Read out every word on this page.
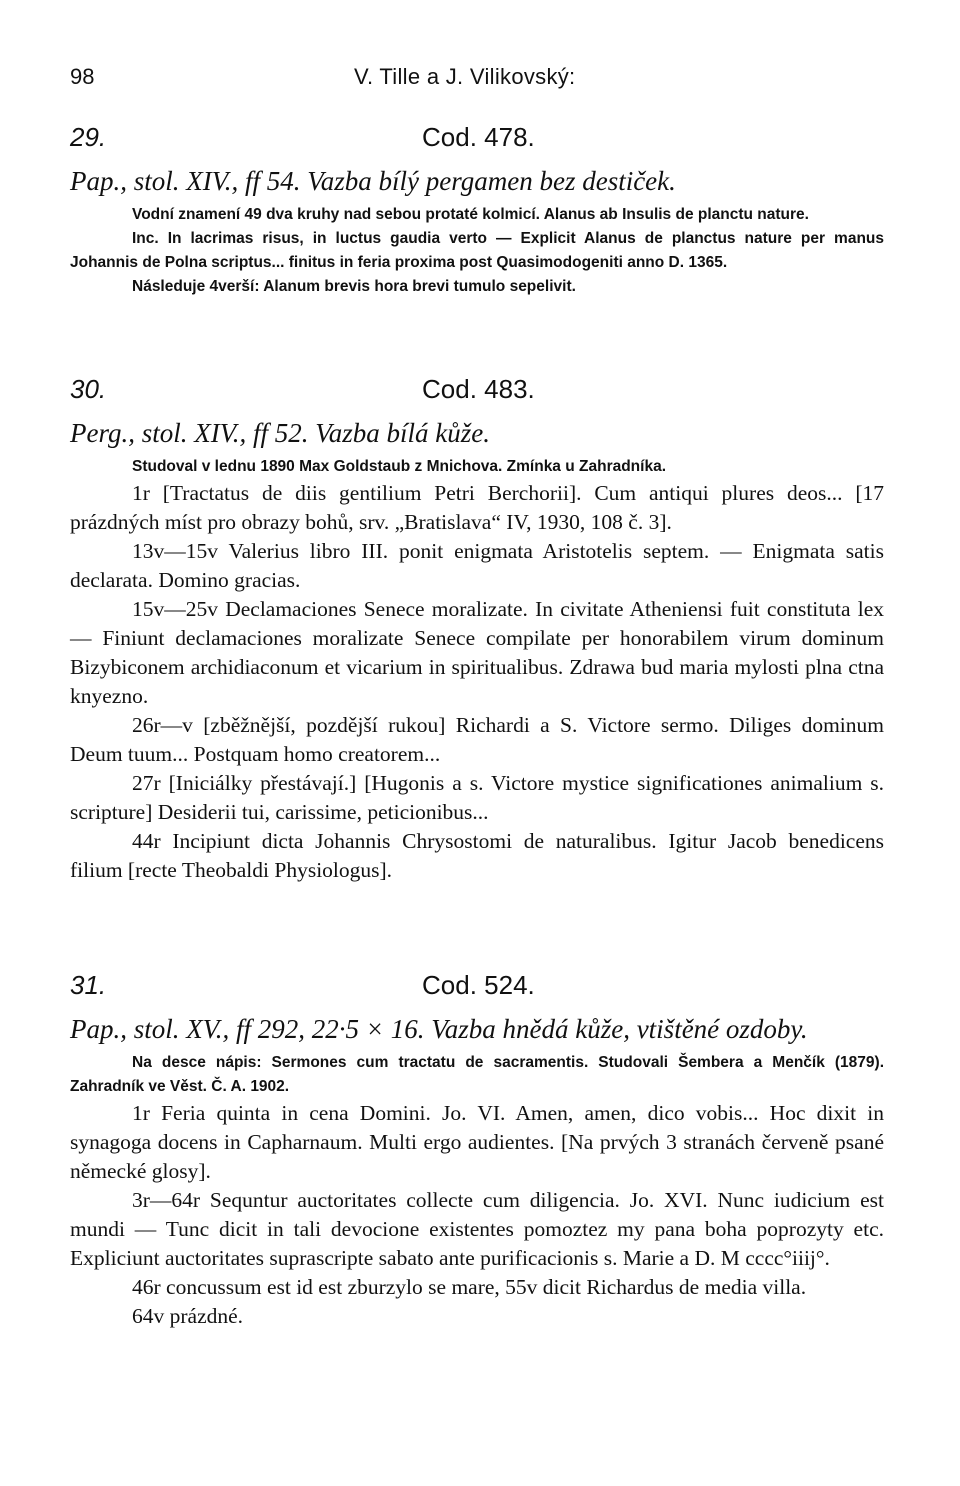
98	V. Tille a J. Vilikovský:
29.	Cod. 478.

Pap., stol. XIV., ff 54. Vazba bílý pergamen bez destiček.

Vodní znamení 49 dva kruhy nad sebou protaté kolmicí. Alanus ab Insulis de planctu nature.

Inc. In lacrimas risus, in luctus gaudia verto — Explicit Alanus de planctus nature per manus Johannis de Polna scriptus... finitus in feria proxima post Quasimodogeniti anno D. 1365.

Následuje 4verší: Alanum brevis hora brevi tumulo sepelivit.

30.	Cod. 483.

Perg., stol. XIV., ff 52. Vazba bílá kůže.

Studoval v lednu 1890 Max Goldstaub z Mnichova. Zmínka u Zahradníka.

1r [Tractatus de diis gentilium Petri Berchorii]. Cum antiqui plures deos... [17 prázdných míst pro obrazy bohů, srv. „Bratislava“ IV, 1930, 108 č. 3].

13v—15v Valerius libro III. ponit enigmata Aristotelis septem. — Enigmata satis declarata. Domino gracias.

15v—25v Declamaciones Senece moralizate. In civitate Atheniensi fuit constituta lex — Finiunt declamaciones moralizate Senece compilate per honorabilem virum dominum Bizybiconem archidiaconum et vicarium in spiritualibus. Zdrawa bud maria mylosti plna ctna knyezno.

26r—v [zběžnější, pozdější rukou] Richardi a S. Victore sermo. Diliges dominum Deum tuum... Postquam homo creatorem...

27r [Iniciálky přestávají.] [Hugonis a s. Victore mystice significationes animalium s. scripture] Desiderii tui, carissime, peticionibus...

44r Incipiunt dicta Johannis Chrysostomi de naturalibus. Igitur Jacob benedicens filium [recte Theobaldi Physiologus].

31.	Cod. 524.

Pap., stol. XV., ff 292, 22·5 × 16. Vazba hnědá kůže, vtištěné ozdoby.

Na desce nápis: Sermones cum tractatu de sacramentis. Studovali Šembera a Menčík (1879). Zahradník ve Věst. Č. A. 1902.

1r Feria quinta in cena Domini. Jo. VI. Amen, amen, dico vobis... Hoc dixit in synagoga docens in Capharnaum. Multi ergo audientes. [Na prvých 3 stranách červeně psané německé glosy].

3r—64r Sequntur auctoritates collecte cum diligencia. Jo. XVI. Nunc iudicium est mundi — Tunc dicit in tali devocione existentes pomoztez my pana boha poprozyty etc. Expliciunt auctoritates suprascripte sabato ante purificacionis s. Marie a D. M cccc°iiij°.

46r concussum est id est zburzylo se mare, 55v dicit Richardus de media villa.

64v prázdné.
